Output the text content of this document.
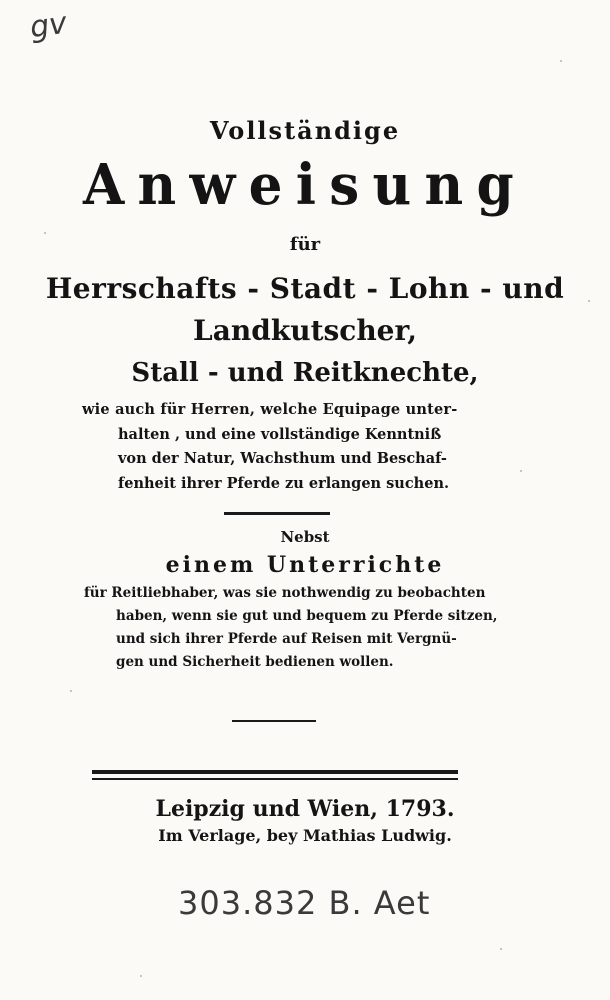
gv
Vollständige
Anweisung
für
Herrschafts - Stadt - Lohn - und
Landkutscher,
Stall - und Reitknechte,
wie auch für Herren, welche Equipage unter-
halten , und eine vollständige Kenntniß
von der Natur, Wachsthum und Beschaf-
fenheit ihrer Pferde zu erlangen suchen.
Nebst
einem Unterrichte
für Reitliebhaber, was sie nothwendig zu beobachten
haben, wenn sie gut und bequem zu Pferde sitzen,
und sich ihrer Pferde auf Reisen mit Vergnü-
gen und Sicherheit bedienen wollen.
Leipzig und Wien, 1793.
Im Verlage, bey Mathias Ludwig.
303.832 B. Aet
